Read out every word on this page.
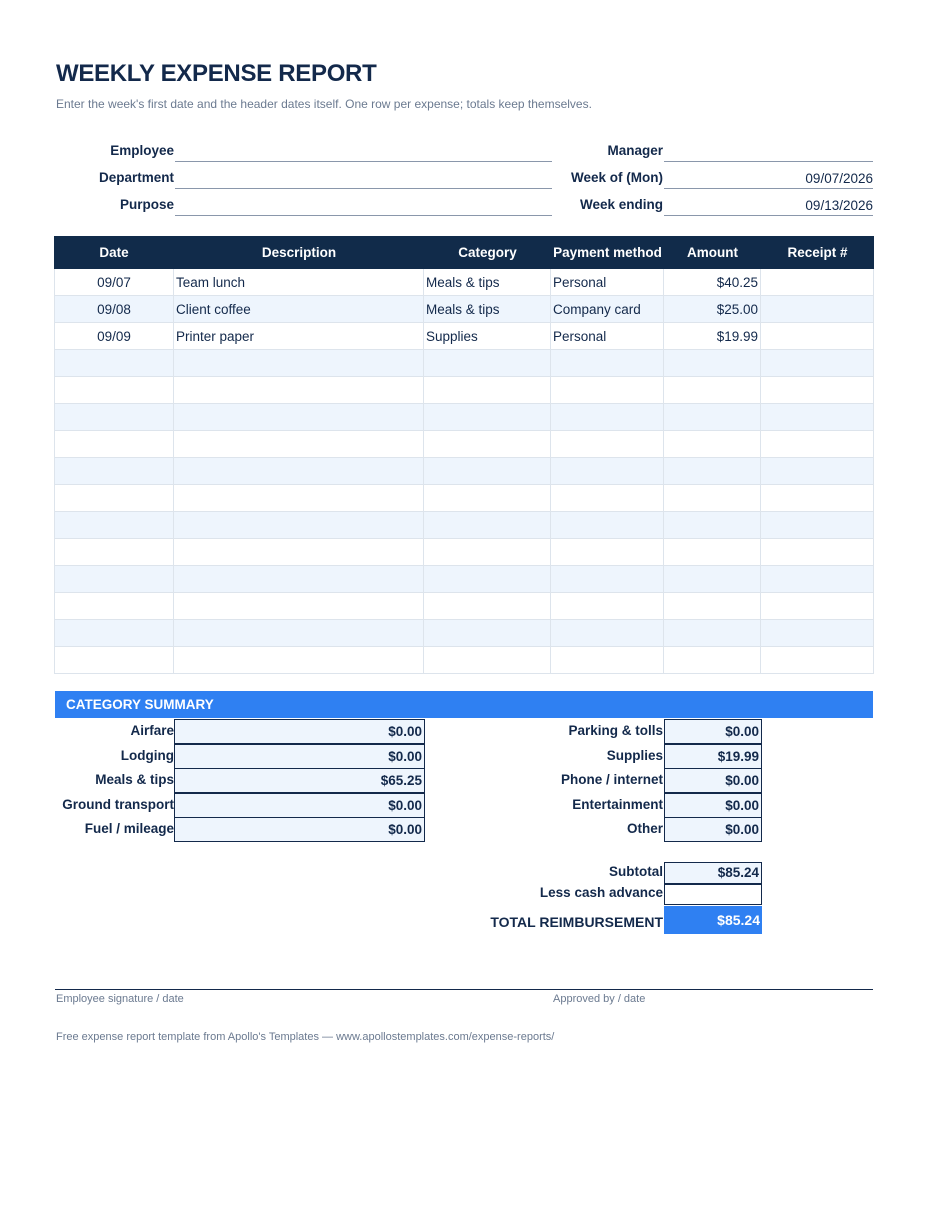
WEEKLY EXPENSE REPORT
Enter the week's first date and the header dates itself. One row per expense; totals keep themselves.
Employee
Department
Purpose
Manager
Week of (Mon)	09/07/2026
Week ending	09/13/2026
Date	Description	Category	Payment method	Amount	Receipt #
09/07	Team lunch	Meals & tips	Personal	$40.25
09/08	Client coffee	Meals & tips	Company card	$25.00
09/09	Printer paper	Supplies	Personal	$19.99
CATEGORY SUMMARY
Airfare	$0.00
Lodging	$0.00
Meals & tips	$65.25
Ground transport	$0.00
Fuel / mileage	$0.00
Parking & tolls	$0.00
Supplies	$19.99
Phone / internet	$0.00
Entertainment	$0.00
Other	$0.00
Subtotal	$85.24
Less cash advance
TOTAL REIMBURSEMENT	$85.24
Employee signature / date	Approved by / date
Free expense report template from Apollo's Templates — www.apollostemplates.com/expense-reports/
